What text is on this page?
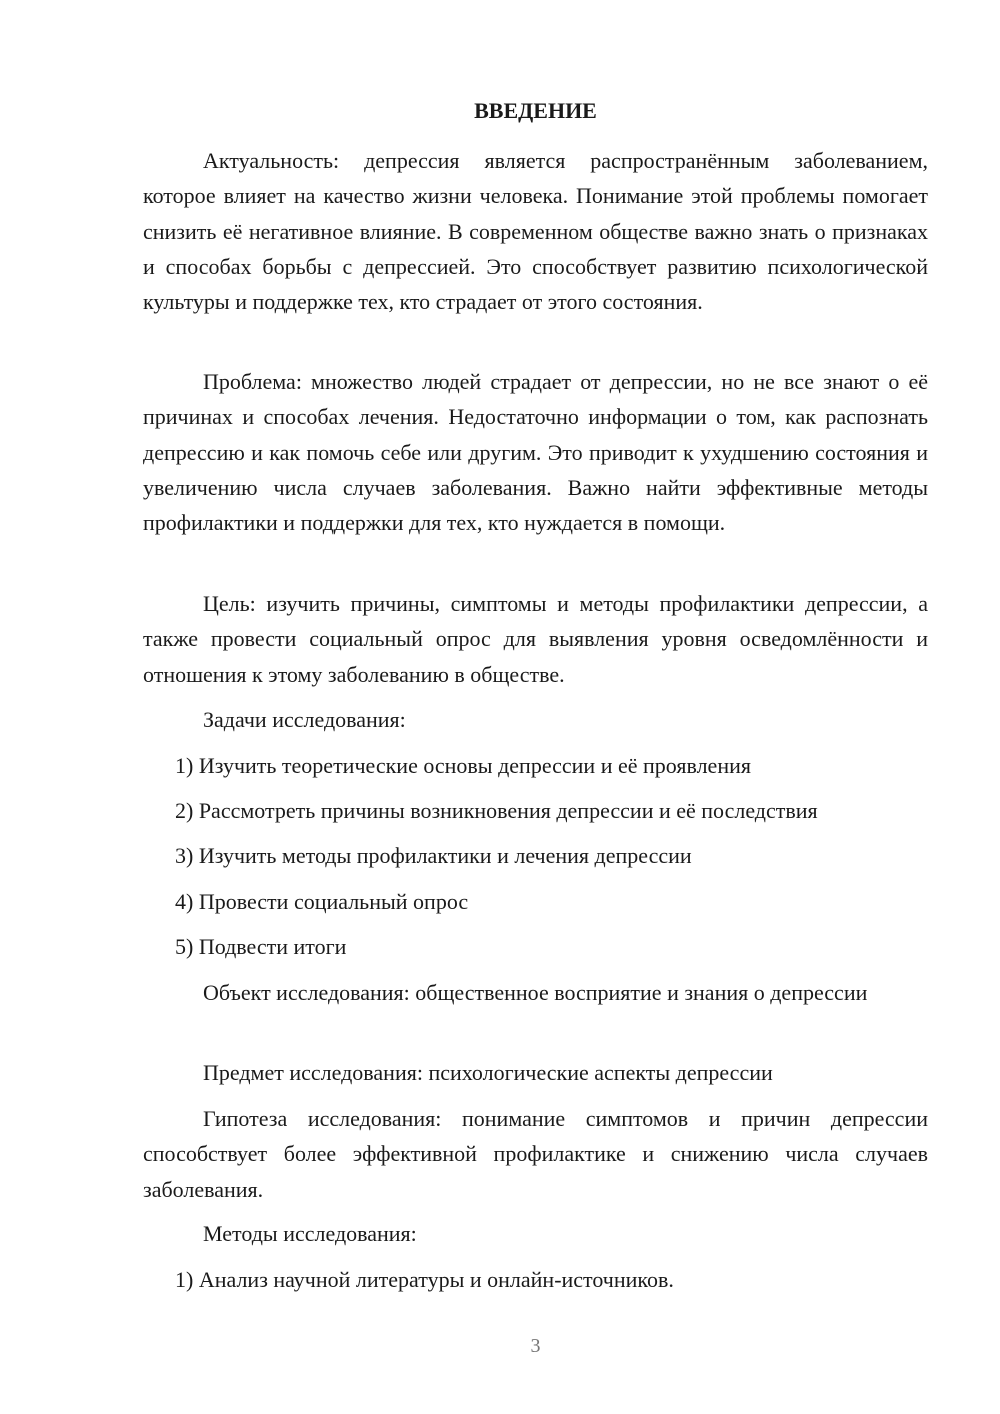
ВВЕДЕНИЕ

Актуальность: депрессия является распространённым заболеванием, которое влияет на качество жизни человека. Понимание этой проблемы помогает снизить её негативное влияние. В современном обществе важно знать о признаках и способах борьбы с депрессией. Это способствует развитию психологической культуры и поддержке тех, кто страдает от этого состояния.

Проблема: множество людей страдает от депрессии, но не все знают о её причинах и способах лечения. Недостаточно информации о том, как распознать депрессию и как помочь себе или другим. Это приводит к ухудшению состояния и увеличению числа случаев заболевания. Важно найти эффективные методы профилактики и поддержки для тех, кто нуждается в помощи.

Цель: изучить причины, симптомы и методы профилактики депрессии, а также провести социальный опрос для выявления уровня осведомлённости и отношения к этому заболеванию в обществе.

Задачи исследования:
1) Изучить теоретические основы депрессии и её проявления
2) Рассмотреть причины возникновения депрессии и её последствия
3) Изучить методы профилактики и лечения депрессии
4) Провести социальный опрос
5) Подвести итоги

Объект исследования: общественное восприятие и знания о депрессии

Предмет исследования: психологические аспекты депрессии

Гипотеза исследования: понимание симптомов и причин депрессии способствует более эффективной профилактике и снижению числа случаев заболевания.

Методы исследования:
1) Анализ научной литературы и онлайн-источников.
3
